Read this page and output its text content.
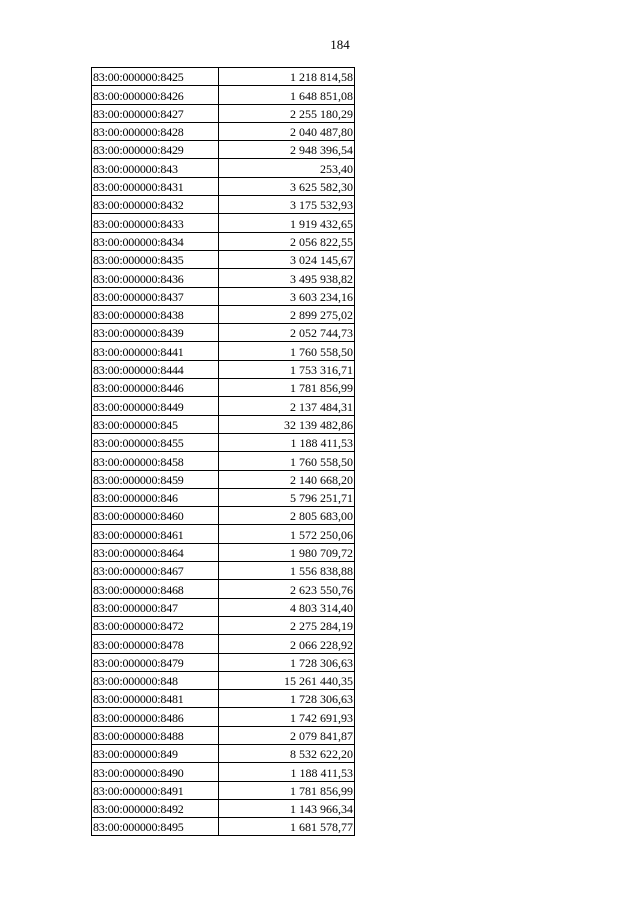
184
83:00:000000:8425	1 218 814,58
83:00:000000:8426	1 648 851,08
83:00:000000:8427	2 255 180,29
83:00:000000:8428	2 040 487,80
83:00:000000:8429	2 948 396,54
83:00:000000:843	253,40
83:00:000000:8431	3 625 582,30
83:00:000000:8432	3 175 532,93
83:00:000000:8433	1 919 432,65
83:00:000000:8434	2 056 822,55
83:00:000000:8435	3 024 145,67
83:00:000000:8436	3 495 938,82
83:00:000000:8437	3 603 234,16
83:00:000000:8438	2 899 275,02
83:00:000000:8439	2 052 744,73
83:00:000000:8441	1 760 558,50
83:00:000000:8444	1 753 316,71
83:00:000000:8446	1 781 856,99
83:00:000000:8449	2 137 484,31
83:00:000000:845	32 139 482,86
83:00:000000:8455	1 188 411,53
83:00:000000:8458	1 760 558,50
83:00:000000:8459	2 140 668,20
83:00:000000:846	5 796 251,71
83:00:000000:8460	2 805 683,00
83:00:000000:8461	1 572 250,06
83:00:000000:8464	1 980 709,72
83:00:000000:8467	1 556 838,88
83:00:000000:8468	2 623 550,76
83:00:000000:847	4 803 314,40
83:00:000000:8472	2 275 284,19
83:00:000000:8478	2 066 228,92
83:00:000000:8479	1 728 306,63
83:00:000000:848	15 261 440,35
83:00:000000:8481	1 728 306,63
83:00:000000:8486	1 742 691,93
83:00:000000:8488	2 079 841,87
83:00:000000:849	8 532 622,20
83:00:000000:8490	1 188 411,53
83:00:000000:8491	1 781 856,99
83:00:000000:8492	1 143 966,34
83:00:000000:8495	1 681 578,77
